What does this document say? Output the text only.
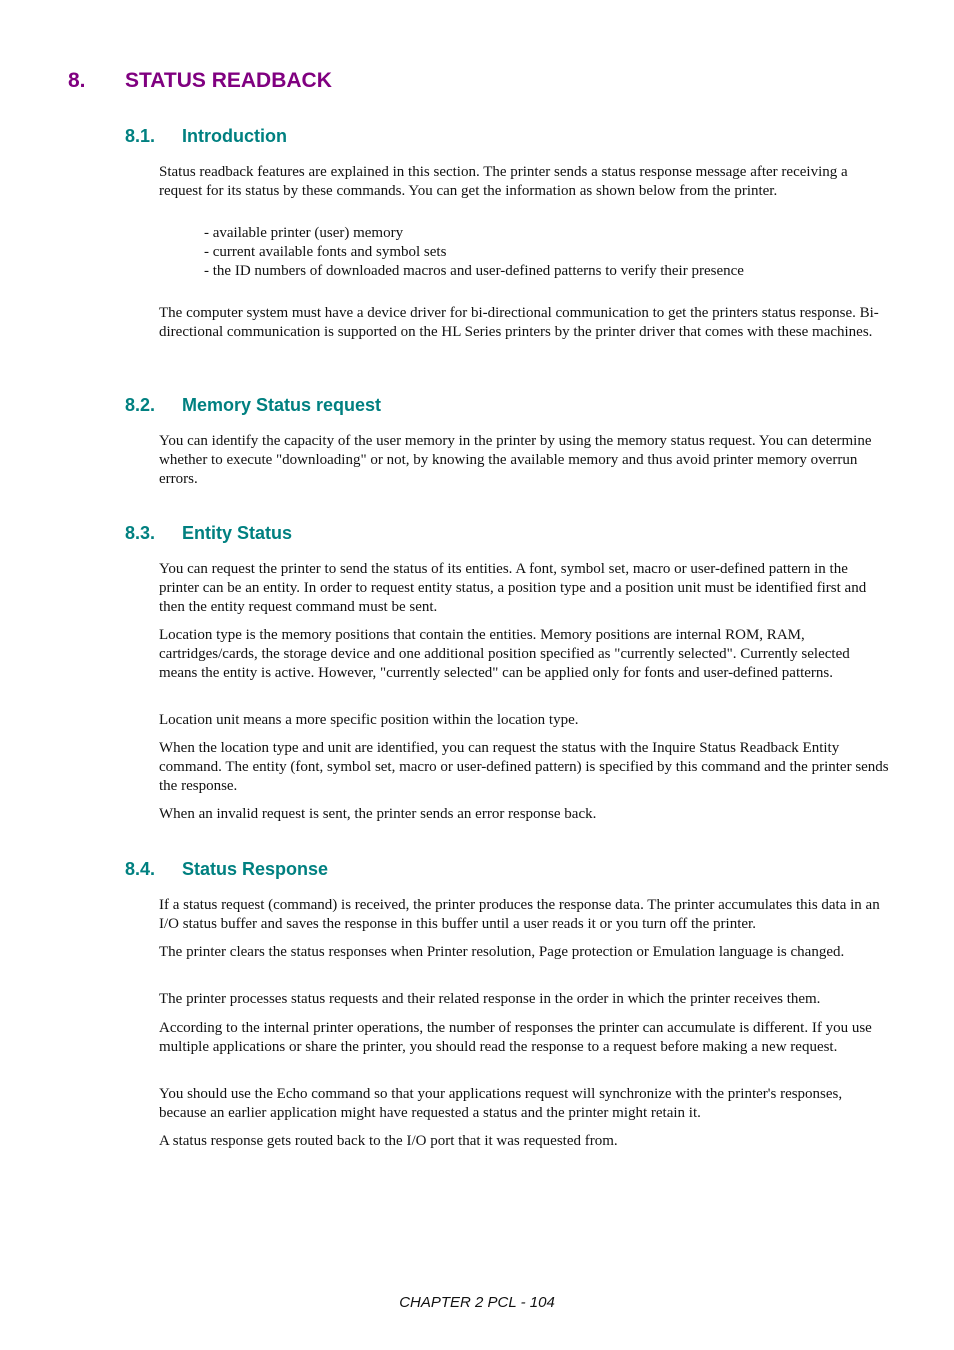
8. STATUS READBACK
8.1. Introduction

Status readback features are explained in this section. The printer sends a status response message after receiving a request for its status by these commands. You can get the information as shown below from the printer.

- available printer (user) memory
- current available fonts and symbol sets
- the ID numbers of downloaded macros and user-defined patterns to verify their presence

The computer system must have a device driver for bi-directional communication to get the printers status response. Bi-directional communication is supported on the HL Series printers by the printer driver that comes with these machines.

8.2. Memory Status request

You can identify the capacity of the user memory in the printer by using the memory status request. You can determine whether to execute "downloading" or not, by knowing the available memory and thus avoid printer memory overrun errors.

8.3. Entity Status

You can request the printer to send the status of its entities. A font, symbol set, macro or user-defined pattern in the printer can be an entity. In order to request entity status, a position type and a position unit must be identified first and then the entity request command must be sent.

Location type is the memory positions that contain the entities. Memory positions are internal ROM, RAM, cartridges/cards, the storage device and one additional position specified as "currently selected". Currently selected means the entity is active. However, "currently selected" can be applied only for fonts and user-defined patterns.

Location unit means a more specific position within the location type.

When the location type and unit are identified, you can request the status with the Inquire Status Readback Entity command. The entity (font, symbol set, macro or user-defined pattern) is specified by this command and the printer sends the response.

When an invalid request is sent, the printer sends an error response back.

8.4. Status Response

If a status request (command) is received, the printer produces the response data. The printer accumulates this data in an I/O status buffer and saves the response in this buffer until a user reads it or you turn off the printer.

The printer clears the status responses when Printer resolution, Page protection or Emulation language is changed.

The printer processes status requests and their related response in the order in which the printer receives them.

According to the internal printer operations, the number of responses the printer can accumulate is different. If you use multiple applications or share the printer, you should read the response to a request before making a new request.

You should use the Echo command so that your applications request will synchronize with the printer's responses, because an earlier application might have requested a status and the printer might retain it.

A status response gets routed back to the I/O port that it was requested from.

CHAPTER 2 PCL - 104
